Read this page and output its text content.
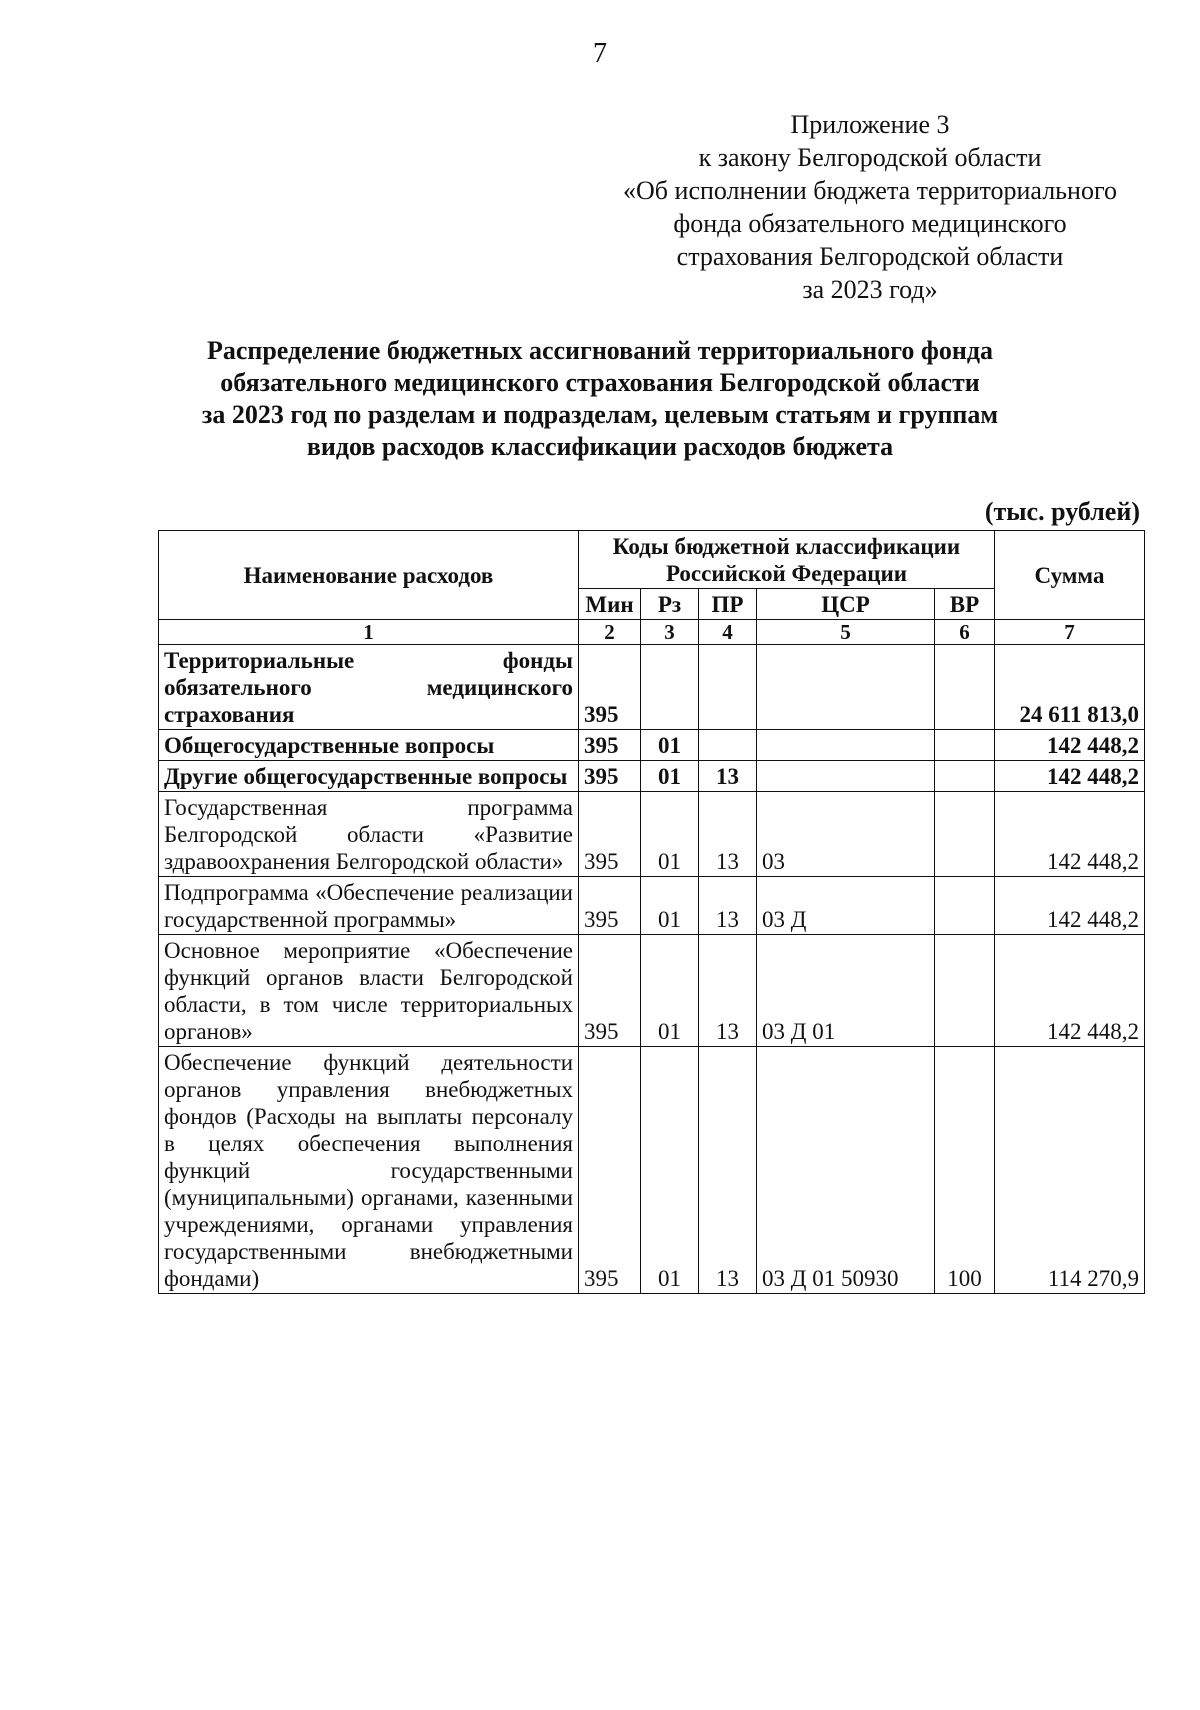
7
Приложение 3
к закону Белгородской области
«Об исполнении бюджета территориального
фонда обязательного медицинского
страхования Белгородской области
за 2023 год»
Распределение бюджетных ассигнований территориального фонда
обязательного медицинского страхования Белгородской области
за 2023 год по разделам и подразделам, целевым статьям и группам
видов расходов классификации расходов бюджета
(тыс. рублей)
Наименование расходов	Коды бюджетной классификации Российской Федерации					Сумма
	Мин	Рз	ПР	ЦСР	ВР	
1	2	3	4	5	6	7
Территориальные фонды обязательного медицинского страхования	395					24 611 813,0
Общегосударственные вопросы	395	01				142 448,2
Другие общегосударственные вопросы	395	01	13			142 448,2
Государственная программа Белгородской области «Развитие здравоохранения Белгородской области»	395	01	13	03		142 448,2
Подпрограмма «Обеспечение реализации государственной программы»	395	01	13	03 Д		142 448,2
Основное мероприятие «Обеспечение функций органов власти Белгородской области, в том числе территориальных органов»	395	01	13	03 Д 01		142 448,2
Обеспечение функций деятельности органов управления внебюджетных фондов (Расходы на выплаты персоналу в целях обеспечения выполнения функций государственными (муниципальными) органами, казенными учреждениями, органами управления государственными внебюджетными фондами)	395	01	13	03 Д 01 50930	100	114 270,9
